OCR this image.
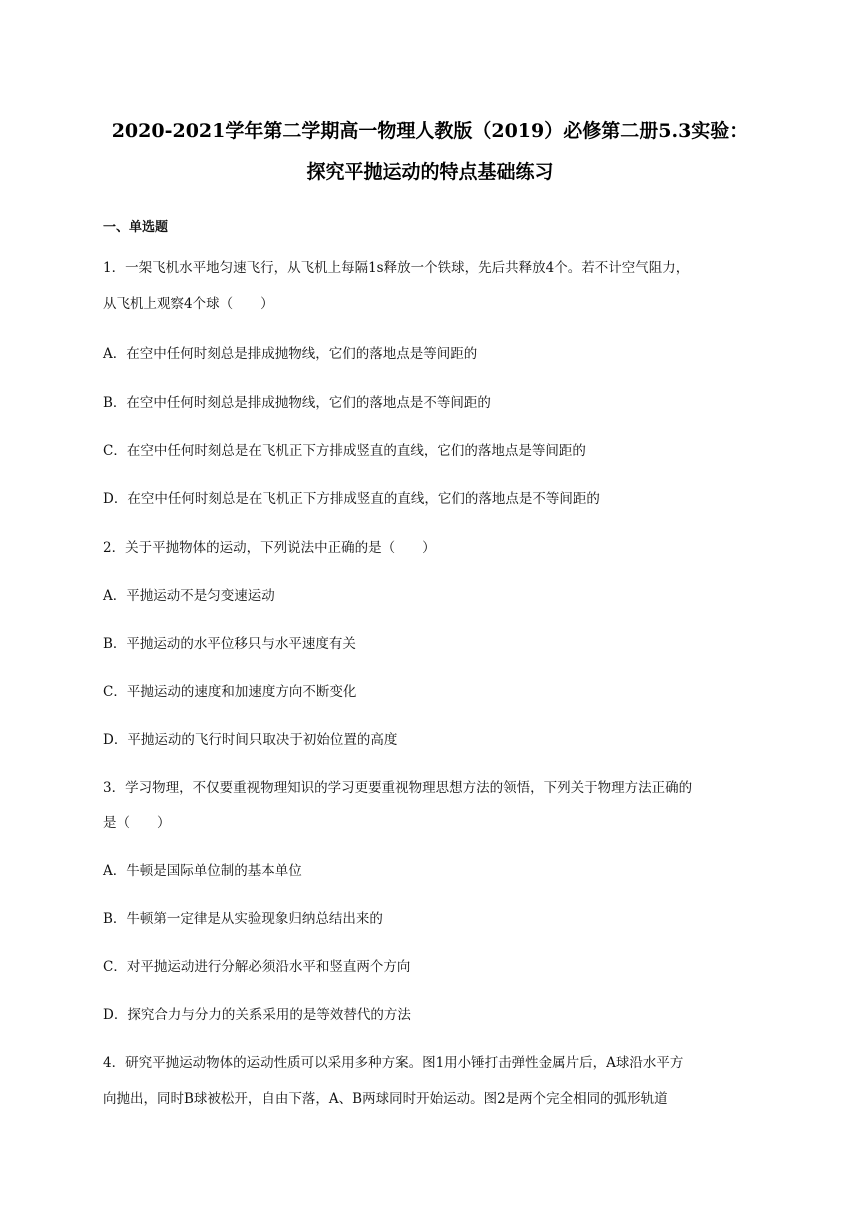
2020-2021学年第二学期高一物理人教版（2019）必修第二册5.3实验：
探究平抛运动的特点基础练习
一、单选题
1．一架飞机水平地匀速飞行，从飞机上每隔1s释放一个铁球，先后共释放4个。若不计空气阻力，
从飞机上观察4个球（　　）
A．在空中任何时刻总是排成抛物线，它们的落地点是等间距的
B．在空中任何时刻总是排成抛物线，它们的落地点是不等间距的
C．在空中任何时刻总是在飞机正下方排成竖直的直线，它们的落地点是等间距的
D．在空中任何时刻总是在飞机正下方排成竖直的直线，它们的落地点是不等间距的
2．关于平抛物体的运动，下列说法中正确的是（　　）
A．平抛运动不是匀变速运动
B．平抛运动的水平位移只与水平速度有关
C．平抛运动的速度和加速度方向不断变化
D．平抛运动的飞行时间只取决于初始位置的高度
3．学习物理，不仅要重视物理知识的学习更要重视物理思想方法的领悟，下列关于物理方法正确的
是（　　）
A．牛顿是国际单位制的基本单位
B．牛顿第一定律是从实验现象归纳总结出来的
C．对平抛运动进行分解必须沿水平和竖直两个方向
D．探究合力与分力的关系采用的是等效替代的方法
4．研究平抛运动物体的运动性质可以采用多种方案。图1用小锤打击弹性金属片后，A球沿水平方
向抛出，同时B球被松开，自由下落，A、B两球同时开始运动。图2是两个完全相同的弧形轨道
